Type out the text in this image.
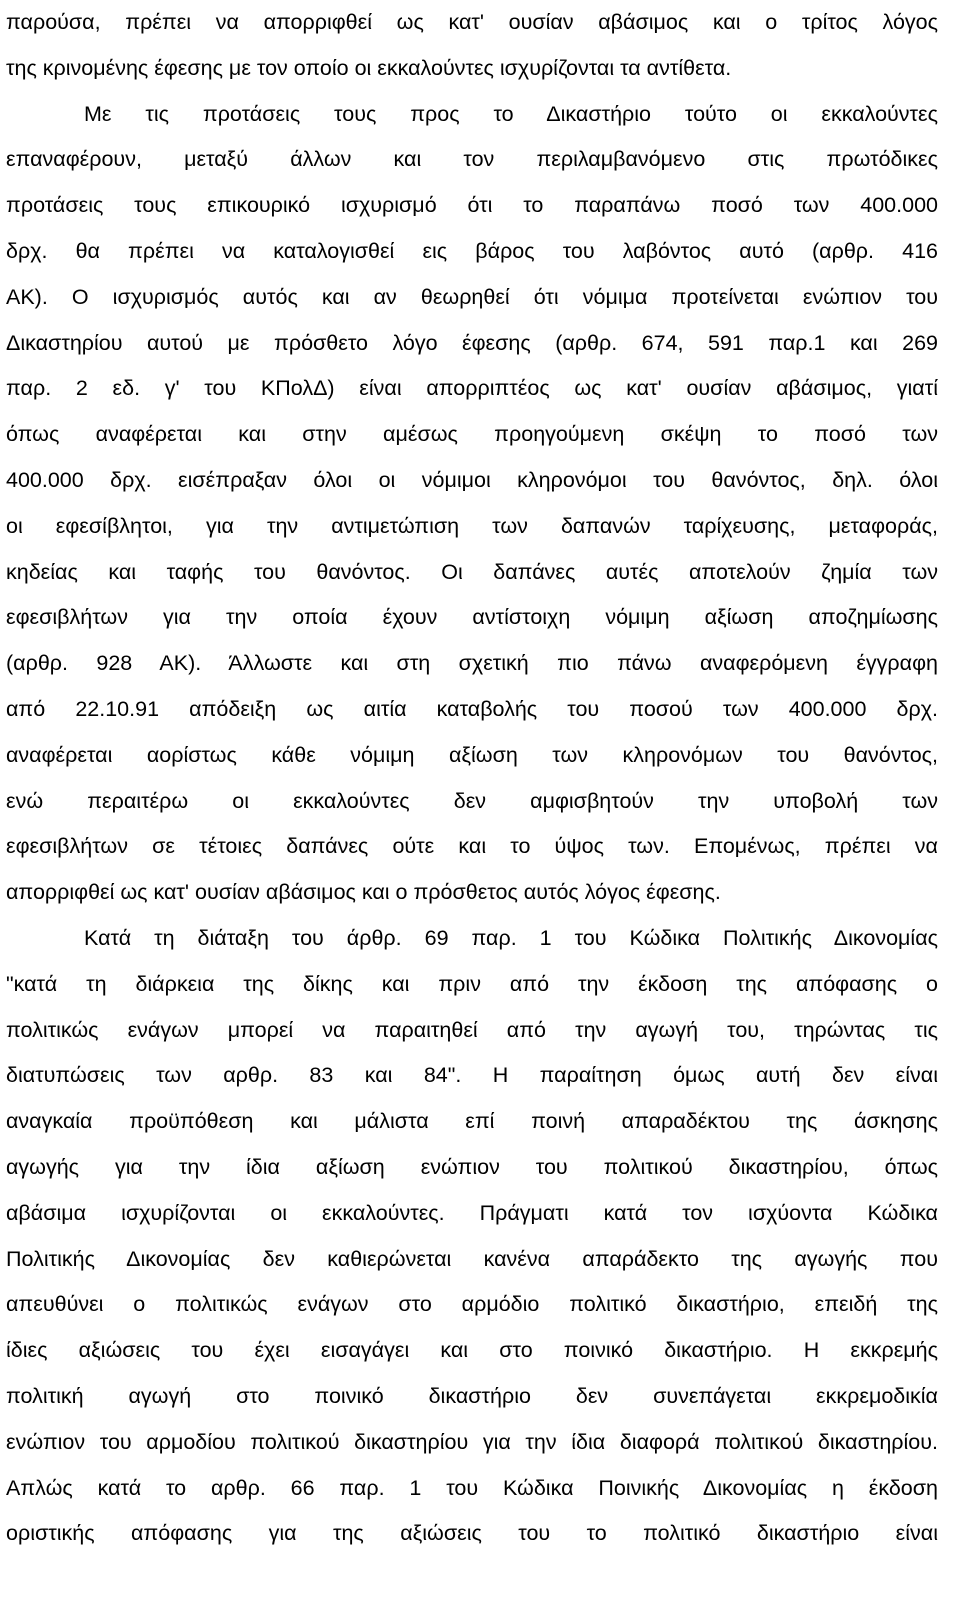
παρούσα, πρέπει να απορριφθεί ως κατ' ουσίαν αβάσιμος και ο τρίτος λόγος
της κρινομένης έφεσης με τον οποίο οι εκκαλούντες ισχυρίζονται τα αντίθετα.
Με τις προτάσεις τους προς το Δικαστήριο τούτο οι εκκαλούντες
επαναφέρουν, μεταξύ άλλων και τον περιλαμβανόμενο στις πρωτόδικες
προτάσεις τους επικουρικό ισχυρισμό ότι το παραπάνω ποσό των 400.000
δρχ. θα πρέπει να καταλογισθεί εις βάρος του λαβόντος αυτό (αρθρ. 416
ΑΚ). Ο ισχυρισμός αυτός και αν θεωρηθεί ότι νόμιμα προτείνεται ενώπιον του
Δικαστηρίου αυτού με πρόσθετο λόγο έφεσης (αρθρ. 674, 591 παρ.1 και 269
παρ. 2 εδ. γ' του ΚΠολΔ) είναι απορριπτέος ως κατ' ουσίαν αβάσιμος, γιατί
όπως αναφέρεται και στην αμέσως προηγούμενη σκέψη το ποσό των
400.000 δρχ. εισέπραξαν όλοι οι νόμιμοι κληρονόμοι του θανόντος, δηλ. όλοι
οι εφεσίβλητοι, για την αντιμετώπιση των δαπανών ταρίχευσης, μεταφοράς,
κηδείας και ταφής του θανόντος. Οι δαπάνες αυτές αποτελούν ζημία των
εφεσιβλήτων για την οποία έχουν αντίστοιχη νόμιμη αξίωση αποζημίωσης
(αρθρ. 928 ΑΚ). Άλλωστε και στη σχετική πιο πάνω αναφερόμενη έγγραφη
από 22.10.91 απόδειξη ως αιτία καταβολής του ποσού των 400.000 δρχ.
αναφέρεται αορίστως κάθε νόμιμη αξίωση των κληρονόμων του θανόντος,
ενώ περαιτέρω οι εκκαλούντες δεν αμφισβητούν την υποβολή των
εφεσιβλήτων σε τέτοιες δαπάνες ούτε και το ύψος των. Επομένως, πρέπει να
απορριφθεί ως κατ' ουσίαν αβάσιμος και ο πρόσθετος αυτός λόγος έφεσης.
Κατά τη διάταξη του άρθρ. 69 παρ. 1 του Κώδικα Πολιτικής Δικονομίας
"κατά τη διάρκεια της δίκης και πριν από την έκδοση της απόφασης ο
πολιτικώς ενάγων μπορεί να παραιτηθεί από την αγωγή του, τηρώντας τις
διατυπώσεις των αρθρ. 83 και 84". Η παραίτηση όμως αυτή δεν είναι
αναγκαία προϋπόθεση και μάλιστα επί ποινή απαραδέκτου της άσκησης
αγωγής για την ίδια αξίωση ενώπιον του πολιτικού δικαστηρίου, όπως
αβάσιμα ισχυρίζονται οι εκκαλούντες. Πράγματι κατά τον ισχύοντα Κώδικα
Πολιτικής Δικονομίας δεν καθιερώνεται κανένα απαράδεκτο της αγωγής που
απευθύνει ο πολιτικώς ενάγων στο αρμόδιο πολιτικό δικαστήριο, επειδή της
ίδιες αξιώσεις του έχει εισαγάγει και στο ποινικό δικαστήριο. Η εκκρεμής
πολιτική αγωγή στο ποινικό δικαστήριο δεν συνεπάγεται εκκρεμοδικία
ενώπιον του αρμοδίου πολιτικού δικαστηρίου για την ίδια διαφορά πολιτικού δικαστηρίου.
Απλώς κατά το αρθρ. 66 παρ. 1 του Κώδικα Ποινικής Δικονομίας η έκδοση
οριστικής απόφασης για της αξιώσεις του το πολιτικό δικαστήριο είναι
